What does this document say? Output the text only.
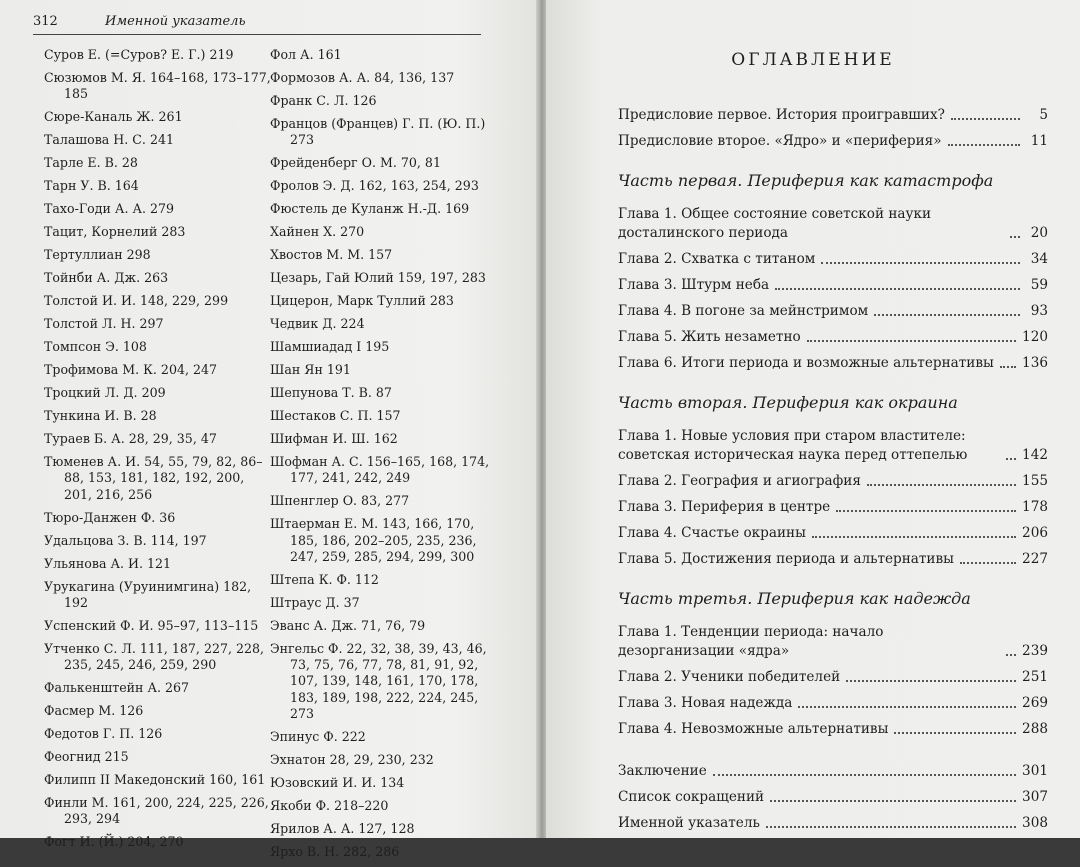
312	Именной указатель
Суров Е. (=Суров? Е. Г.) 219
Сюзюмов М. Я. 164–168, 173–177, 185
Сюре-Каналь Ж. 261
Талашова Н. С. 241
Тарле Е. В. 28
Тарн У. В. 164
Тахо-Годи А. А. 279
Тацит, Корнелий 283
Тертуллиан 298
Тойнби А. Дж. 263
Толстой И. И. 148, 229, 299
Толстой Л. Н. 297
Томпсон Э. 108
Трофимова М. К. 204, 247
Троцкий Л. Д. 209
Тункина И. В. 28
Тураев Б. А. 28, 29, 35, 47
Тюменев А. И. 54, 55, 79, 82, 86–88, 153, 181, 182, 192, 200, 201, 216, 256
Тюро-Данжен Ф. 36
Удальцова З. В. 114, 197
Ульянова А. И. 121
Урукагина (Уруинимгина) 182, 192
Успенский Ф. И. 95–97, 113–115
Утченко С. Л. 111, 187, 227, 228, 235, 245, 246, 259, 290
Фалькенштейн А. 267
Фасмер М. 126
Федотов Г. П. 126
Феогнид 215
Филипп II Македонский 160, 161
Финли М. 161, 200, 224, 225, 226, 293, 294
Фогт И. (Й.) 204, 270
Фол А. 161
Формозов А. А. 84, 136, 137
Франк С. Л. 126
Францов (Францев) Г. П. (Ю. П.) 273
Фрейденберг О. М. 70, 81
Фролов Э. Д. 162, 163, 254, 293
Фюстель де Куланж Н.-Д. 169
Хайнен Х. 270
Хвостов М. М. 157
Цезарь, Гай Юлий 159, 197, 283
Цицерон, Марк Туллий 283
Чедвик Д. 224
Шамшиадад I 195
Шан Ян 191
Шепунова Т. В. 87
Шестаков С. П. 157
Шифман И. Ш. 162
Шофман А. С. 156–165, 168, 174, 177, 241, 242, 249
Шпенглер О. 83, 277
Штаерман Е. М. 143, 166, 170, 185, 186, 202–205, 235, 236, 247, 259, 285, 294, 299, 300
Штепа К. Ф. 112
Штраус Д. 37
Эванс А. Дж. 71, 76, 79
Энгельс Ф. 22, 32, 38, 39, 43, 46, 73, 75, 76, 77, 78, 81, 91, 92, 107, 139, 148, 161, 170, 178, 183, 189, 198, 222, 224, 245, 273
Эпинус Ф. 222
Эхнатон 28, 29, 230, 232
Юзовский И. И. 134
Якоби Ф. 218–220
Ярилов А. А. 127, 128
Ярхо В. Н. 282, 286
ОГЛАВЛЕНИЕ
Предисловие первое. История проигравших?	5
Предисловие второе. «Ядро» и «периферия»	11
Часть первая. Периферия как катастрофа
Глава 1. Общее состояние советской науки досталинского периода	20
Глава 2. Схватка с титаном	34
Глава 3. Штурм неба	59
Глава 4. В погоне за мейнстримом	93
Глава 5. Жить незаметно	120
Глава 6. Итоги периода и возможные альтернативы 136
Часть вторая. Периферия как окраина
Глава 1. Новые условия при старом властителе: советская историческая наука перед оттепелью	142
Глава 2. География и агиография	155
Глава 3. Периферия в центре	178
Глава 4. Счастье окраины	206
Глава 5. Достижения периода и альтернативы	227
Часть третья. Периферия как надежда
Глава 1. Тенденции периода: начало дезорганизации «ядра»	239
Глава 2. Ученики победителей	251
Глава 3. Новая надежда	269
Глава 4. Невозможные альтернативы	288
Заключение	301
Список сокращений	307
Именной указатель	308
